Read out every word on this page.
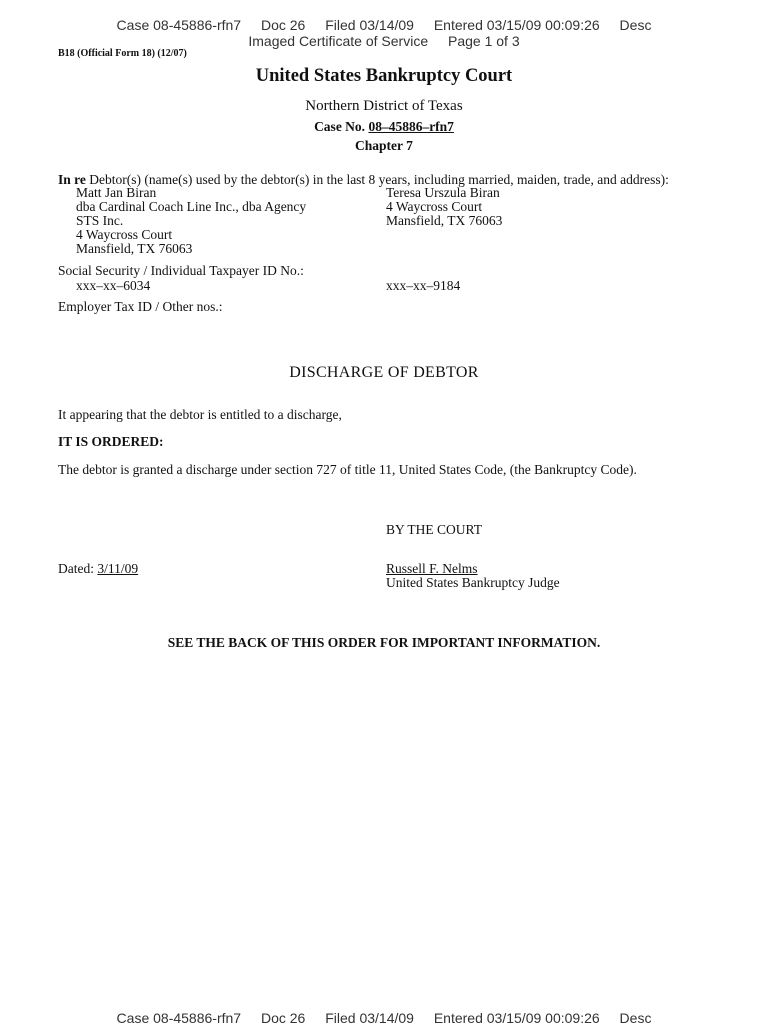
Case 08-45886-rfn7 Doc 26 Filed 03/14/09 Entered 03/15/09 00:09:26 Desc
Imaged Certificate of Service Page 1 of 3
B18 (Official Form 18) (12/07)
United States Bankruptcy Court
Northern District of Texas
Case No. 08–45886–rfn7
Chapter 7
In re Debtor(s) (name(s) used by the debtor(s) in the last 8 years, including married, maiden, trade, and address):
Matt Jan Biran
dba Cardinal Coach Line Inc., dba Agency
STS Inc.
4 Waycross Court
Mansfield, TX 76063
Teresa Urszula Biran
4 Waycross Court
Mansfield, TX 76063
Social Security / Individual Taxpayer ID No.:
xxx–xx–6034	xxx–xx–9184
Employer Tax ID / Other nos.:
DISCHARGE OF DEBTOR
It appearing that the debtor is entitled to a discharge,
IT IS ORDERED:
The debtor is granted a discharge under section 727 of title 11, United States Code, (the Bankruptcy Code).
BY THE COURT
Dated: 3/11/09	Russell F. Nelms
United States Bankruptcy Judge
SEE THE BACK OF THIS ORDER FOR IMPORTANT INFORMATION.
Case 08-45886-rfn7 Doc 26 Filed 03/14/09 Entered 03/15/09 00:09:26 Desc
